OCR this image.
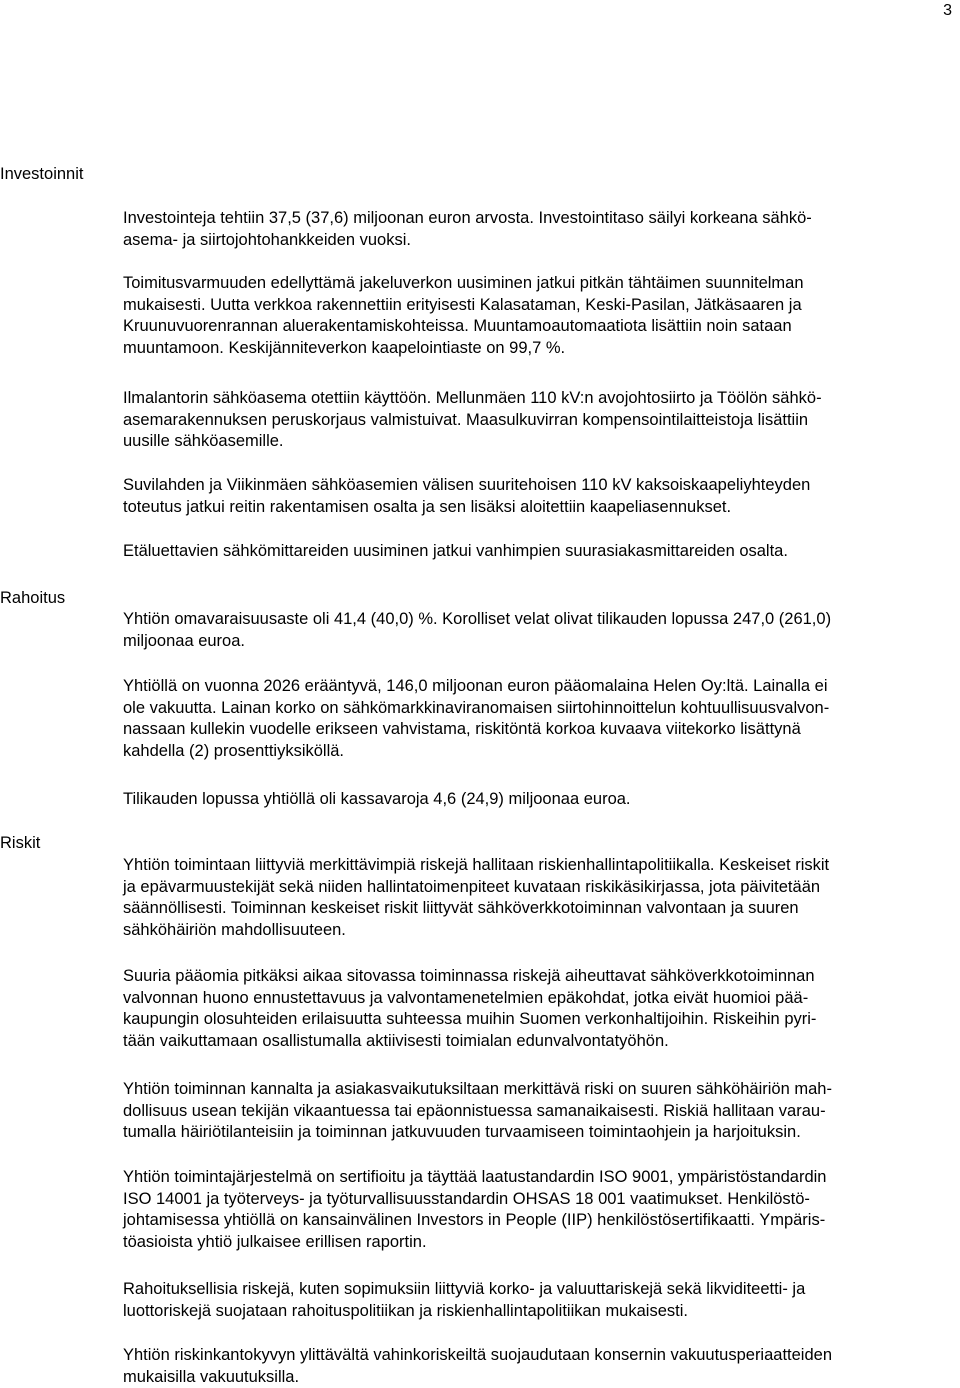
3
Investoinnit

Investointeja tehtiin 37,5 (37,6) miljoonan euron arvosta. Investointitaso säilyi korkeana sähkö-
asema- ja siirtojohtohankkeiden vuoksi.

Toimitusvarmuuden edellyttämä jakeluverkon uusiminen jatkui pitkän tähtäimen suunnitelman
mukaisesti. Uutta verkkoa rakennettiin erityisesti Kalasataman, Keski-Pasilan, Jätkäsaaren ja
Kruunuvuorenrannan aluerakentamiskohteissa. Muuntamoautomaatiota lisättiin noin sataan
muuntamoon. Keskijänniteverkon kaapelointiaste on 99,7 %.

Ilmalantorin sähköasema otettiin käyttöön. Mellunmäen 110 kV:n avojohtosiirto ja Töölön sähkö-
asemarakennuksen peruskorjaus valmistuivat. Maasulkuvirran kompensointilaitteistoja lisättiin
uusille sähköasemille.

Suvilahden ja Viikinmäen sähköasemien välisen suuritehoisen 110 kV kaksoiskaapeliyhteyden
toteutus jatkui reitin rakentamisen osalta ja sen lisäksi aloitettiin kaapeliasennukset.

Etäluettavien sähkömittareiden uusiminen jatkui vanhimpien suurasiakasmittareiden osalta.

Rahoitus

Yhtiön omavaraisuusaste oli 41,4 (40,0) %. Korolliset velat olivat tilikauden lopussa 247,0 (261,0)
miljoonaa euroa.

Yhtiöllä on vuonna 2026 erääntyvä, 146,0 miljoonan euron pääomalaina Helen Oy:ltä. Lainalla ei
ole vakuutta. Lainan korko on sähkömarkkinaviranomaisen siirtohinnoittelun kohtuullisuusvalvon-
nassaan kullekin vuodelle erikseen vahvistama, riskitöntä korkoa kuvaava viitekorko lisättynä
kahdella (2) prosenttiyksiköllä.

Tilikauden lopussa yhtiöllä oli kassavaroja 4,6 (24,9) miljoonaa euroa.

Riskit

Yhtiön toimintaan liittyviä merkittävimpiä riskejä hallitaan riskienhallintapolitiikalla. Keskeiset riskit
ja epävarmuustekijät sekä niiden hallintatoimenpiteet kuvataan riskikäsikirjassa, jota päivitetään
säännöllisesti. Toiminnan keskeiset riskit liittyvät sähköverkkotoiminnan valvontaan ja suuren
sähköhäiriön mahdollisuuteen.

Suuria pääomia pitkäksi aikaa sitovassa toiminnassa riskejä aiheuttavat sähköverkkotoiminnan
valvonnan huono ennustettavuus ja valvontamenetelmien epäkohdat, jotka eivät huomioi pää-
kaupungin olosuhteiden erilaisuutta suhteessa muihin Suomen verkonhaltijoihin. Riskeihin pyri-
tään vaikuttamaan osallistumalla aktiivisesti toimialan edunvalvontatyöhön.

Yhtiön toiminnan kannalta ja asiakasvaikutuksiltaan merkittävä riski on suuren sähköhäiriön mah-
dollisuus usean tekijän vikaantuessa tai epäonnistuessa samanaikaisesti. Riskiä hallitaan varau-
tumalla häiriötilanteisiin ja toiminnan jatkuvuuden turvaamiseen toimintaohjein ja harjoituksin.

Yhtiön toimintajärjestelmä on sertifioitu ja täyttää laatustandardin ISO 9001, ympäristöstandardin
ISO 14001 ja työterveys- ja työturvallisuusstandardin OHSAS 18 001 vaatimukset. Henkilöstö-
johtamisessa yhtiöllä on kansainvälinen Investors in People (IIP) henkilöstösertifikaatti. Ympäris-
töasioista yhtiö julkaisee erillisen raportin.

Rahoituksellisia riskejä, kuten sopimuksiin liittyviä korko- ja valuuttariskejä sekä likviditeetti- ja
luottoriskejä suojataan rahoituspolitiikan ja riskienhallintapolitiikan mukaisesti.

Yhtiön riskinkantokyvyn ylittävältä vahinkoriskeiltä suojaudutaan konsernin vakuutusperiaatteiden
mukaisilla vakuutuksilla.
